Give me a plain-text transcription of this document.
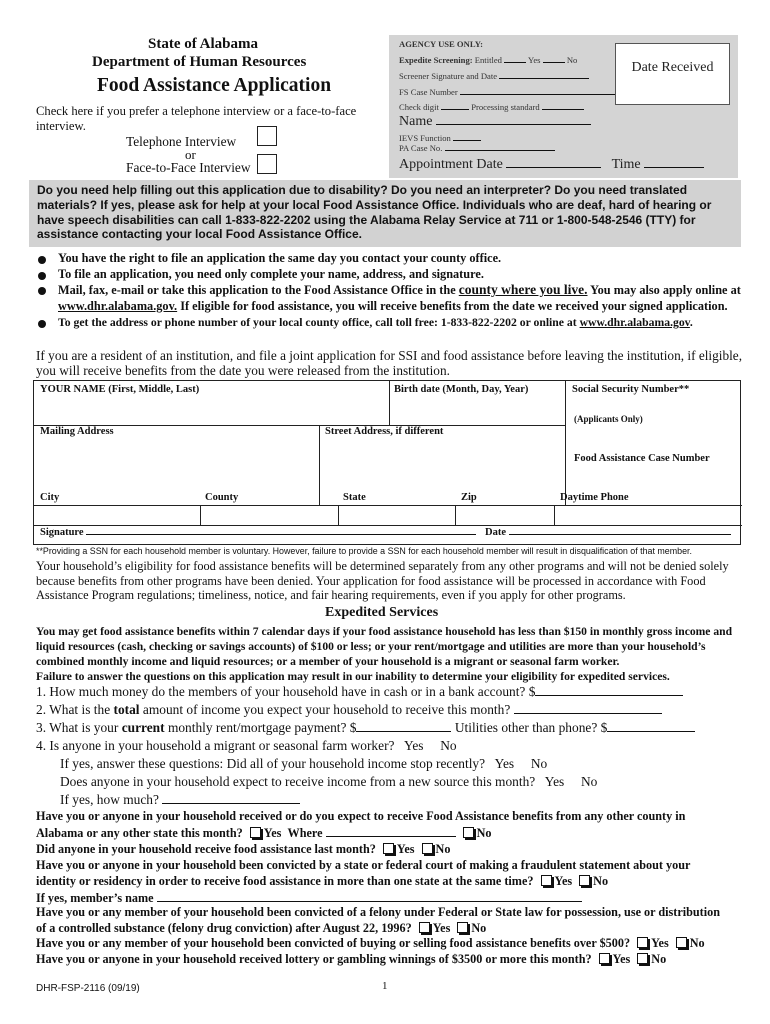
State of Alabama
Department of Human Resources
Food Assistance Application
Check here if you prefer a telephone interview or a face-to-face interview.
Telephone Interview
or
Face-to-Face Interview
AGENCY USE ONLY:
Expedite Screening: Entitled	Yes	No
Screener Signature and Date
FS Case Number
Check digit	Processing standard
Name
IEVS Function
PA Case No.
Appointment Date	Time
Date Received
Do you need help filling out this application due to disability? Do you need an interpreter? Do you need translated materials? If yes, please ask for help at your local Food Assistance Office. Individuals who are deaf, hard of hearing or have speech disabilities can call 1-833-822-2202 using the Alabama Relay Service at 711 or 1-800-548-2546 (TTY) for assistance contacting your local Food Assistance Office.
You have the right to file an application the same day you contact your county office.
To file an application, you need only complete your name, address, and signature.
Mail, fax, e-mail or take this application to the Food Assistance Office in the county where you live. You may also apply online at www.dhr.alabama.gov. If eligible for food assistance, you will receive benefits from the date we received your signed application.
To get the address or phone number of your local county office, call toll free: 1-833-822-2202 or online at www.dhr.alabama.gov.
If you are a resident of an institution, and file a joint application for SSI and food assistance before leaving the institution, if eligible, you will receive benefits from the date you were released from the institution.
YOUR NAME (First, Middle, Last)	Birth date (Month, Day, Year)	Social Security Number**
(Applicants Only)
Mailing Address	Street Address, if different
Food Assistance Case Number
City	County	State	Zip	Daytime Phone
Signature	Date
**Providing a SSN for each household member is voluntary. However, failure to provide a SSN for each household member will result in disqualification of that member.
Your household’s eligibility for food assistance benefits will be determined separately from any other programs and will not be denied solely because benefits from other programs have been denied. Your application for food assistance will be processed in accordance with Food Assistance Program regulations; timeliness, notice, and fair hearing requirements, even if you apply for other programs.
Expedited Services
You may get food assistance benefits within 7 calendar days if your food assistance household has less than $150 in monthly gross income and liquid resources (cash, checking or savings accounts) of $100 or less; or your rent/mortgage and utilities are more than your household’s combined monthly income and liquid resources; or a member of your household is a migrant or seasonal farm worker.
Failure to answer the questions on this application may result in our inability to determine your eligibility for expedited services.
1. How much money do the members of your household have in cash or in a bank account? $
2. What is the total amount of income you expect your household to receive this month?
3. What is your current monthly rent/mortgage payment? $	Utilities other than phone? $
4. Is anyone in your household a migrant or seasonal farm worker? Yes No
If yes, answer these questions: Did all of your household income stop recently? Yes No
Does anyone in your household expect to receive income from a new source this month? Yes No
If yes, how much?
Have you or anyone in your household received or do you expect to receive Food Assistance benefits from any other county in
Alabama or any other state this month? Yes Where	No
Did anyone in your household receive food assistance last month? Yes No
Have you or anyone in your household been convicted by a state or federal court of making a fraudulent statement about your
identity or residency in order to receive food assistance in more than one state at the same time? Yes No
If yes, member’s name
Have you or any member of your household been convicted of a felony under Federal or State law for possession, use or distribution
of a controlled substance (felony drug conviction) after August 22, 1996? Yes No
Have you or any member of your household been convicted of buying or selling food assistance benefits over $500? Yes No
Have you or anyone in your household received lottery or gambling winnings of $3500 or more this month? Yes No
DHR-FSP-2116 (09/19)	1
